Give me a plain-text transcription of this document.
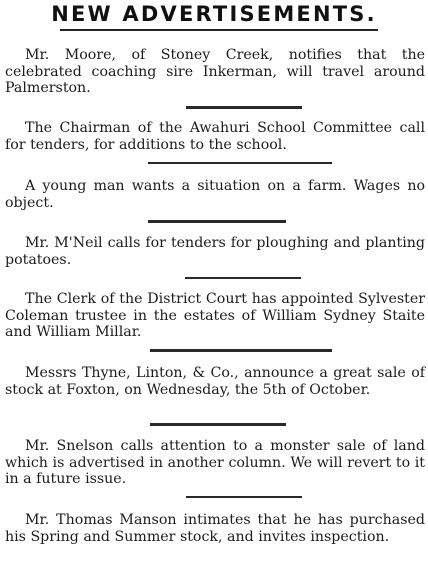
NEW ADVERTISEMENTS.
Mr. Moore, of Stoney Creek, notifies that the celebrated coaching sire Inkerman, will travel around Palmerston.
The Chairman of the Awahuri School Committee call for tenders, for additions to the school.
A young man wants a situation on a farm. Wages no object.
Mr. M'Neil calls for tenders for ploughing and planting potatoes.
The Clerk of the District Court has appointed Sylvester Coleman trustee in the estates of William Sydney Staite and William Millar.
Messrs Thyne, Linton, & Co., announce a great sale of stock at Foxton, on Wednesday, the 5th of October.
Mr. Snelson calls attention to a monster sale of land which is advertised in another column. We will revert to it in a future issue.
Mr. Thomas Manson intimates that he has purchased his Spring and Summer stock, and invites inspection.
